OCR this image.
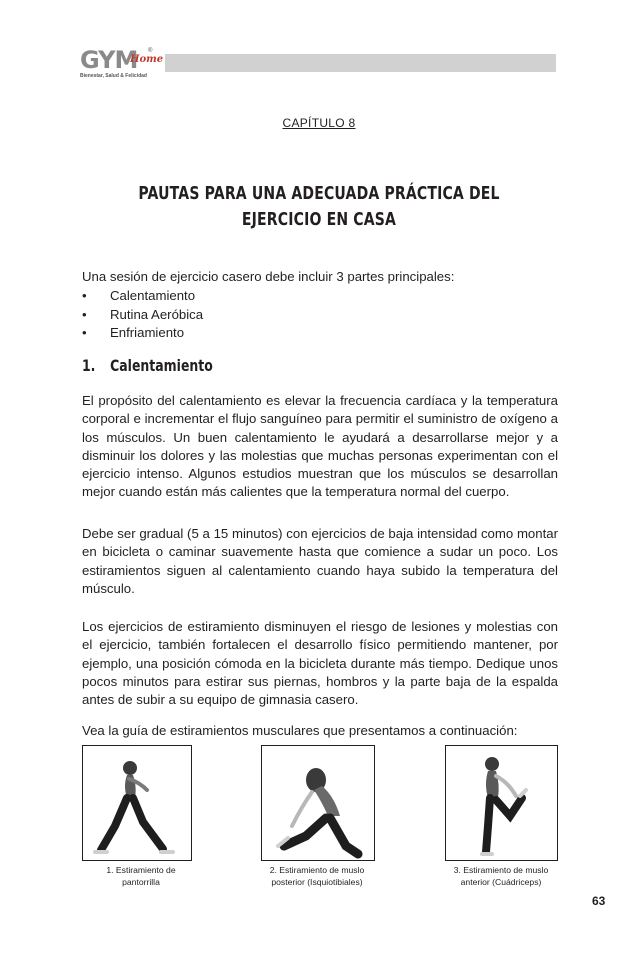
GYM
Home
®
Bienestar, Salud & Felicidad
CAPÍTULO 8
PAUTAS PARA UNA ADECUADA PRÁCTICA DEL
EJERCICIO EN CASA
Una sesión de ejercicio casero debe incluir 3 partes principales:
•	Calentamiento
•	Rutina Aeróbica
•	Enfriamiento
1. Calentamiento
El propósito del calentamiento es elevar la frecuencia cardíaca y la temperatura corporal e incrementar el flujo sanguíneo para permitir el suministro de oxígeno a los músculos. Un buen calentamiento le ayudará a desarrollarse mejor y a disminuir los dolores y las molestias que muchas personas experimentan con el ejercicio intenso. Algunos estudios muestran que los músculos se desarrollan mejor cuando están más calientes que la temperatura normal del cuerpo.
Debe ser gradual (5 a 15 minutos) con ejercicios de baja intensidad como montar en bicicleta o caminar suavemente hasta que comience a sudar un poco. Los estiramientos siguen al calentamiento cuando haya subido la temperatura del músculo.
Los ejercicios de estiramiento disminuyen el riesgo de lesiones y molestias con el ejercicio, también fortalecen el desarrollo físico permitiendo mantener, por ejemplo, una posición cómoda en la bicicleta durante más tiempo. Dedique unos pocos minutos para estirar sus piernas, hombros y la parte baja de la espalda antes de subir a su equipo de gimnasia casero.
Vea la guía de estiramientos musculares que presentamos a continuación:
1. Estiramiento de
pantorrilla
2. Estiramiento de muslo
posterior (Isquiotibiales)
3. Estiramiento de muslo
anterior (Cuádriceps)
63
